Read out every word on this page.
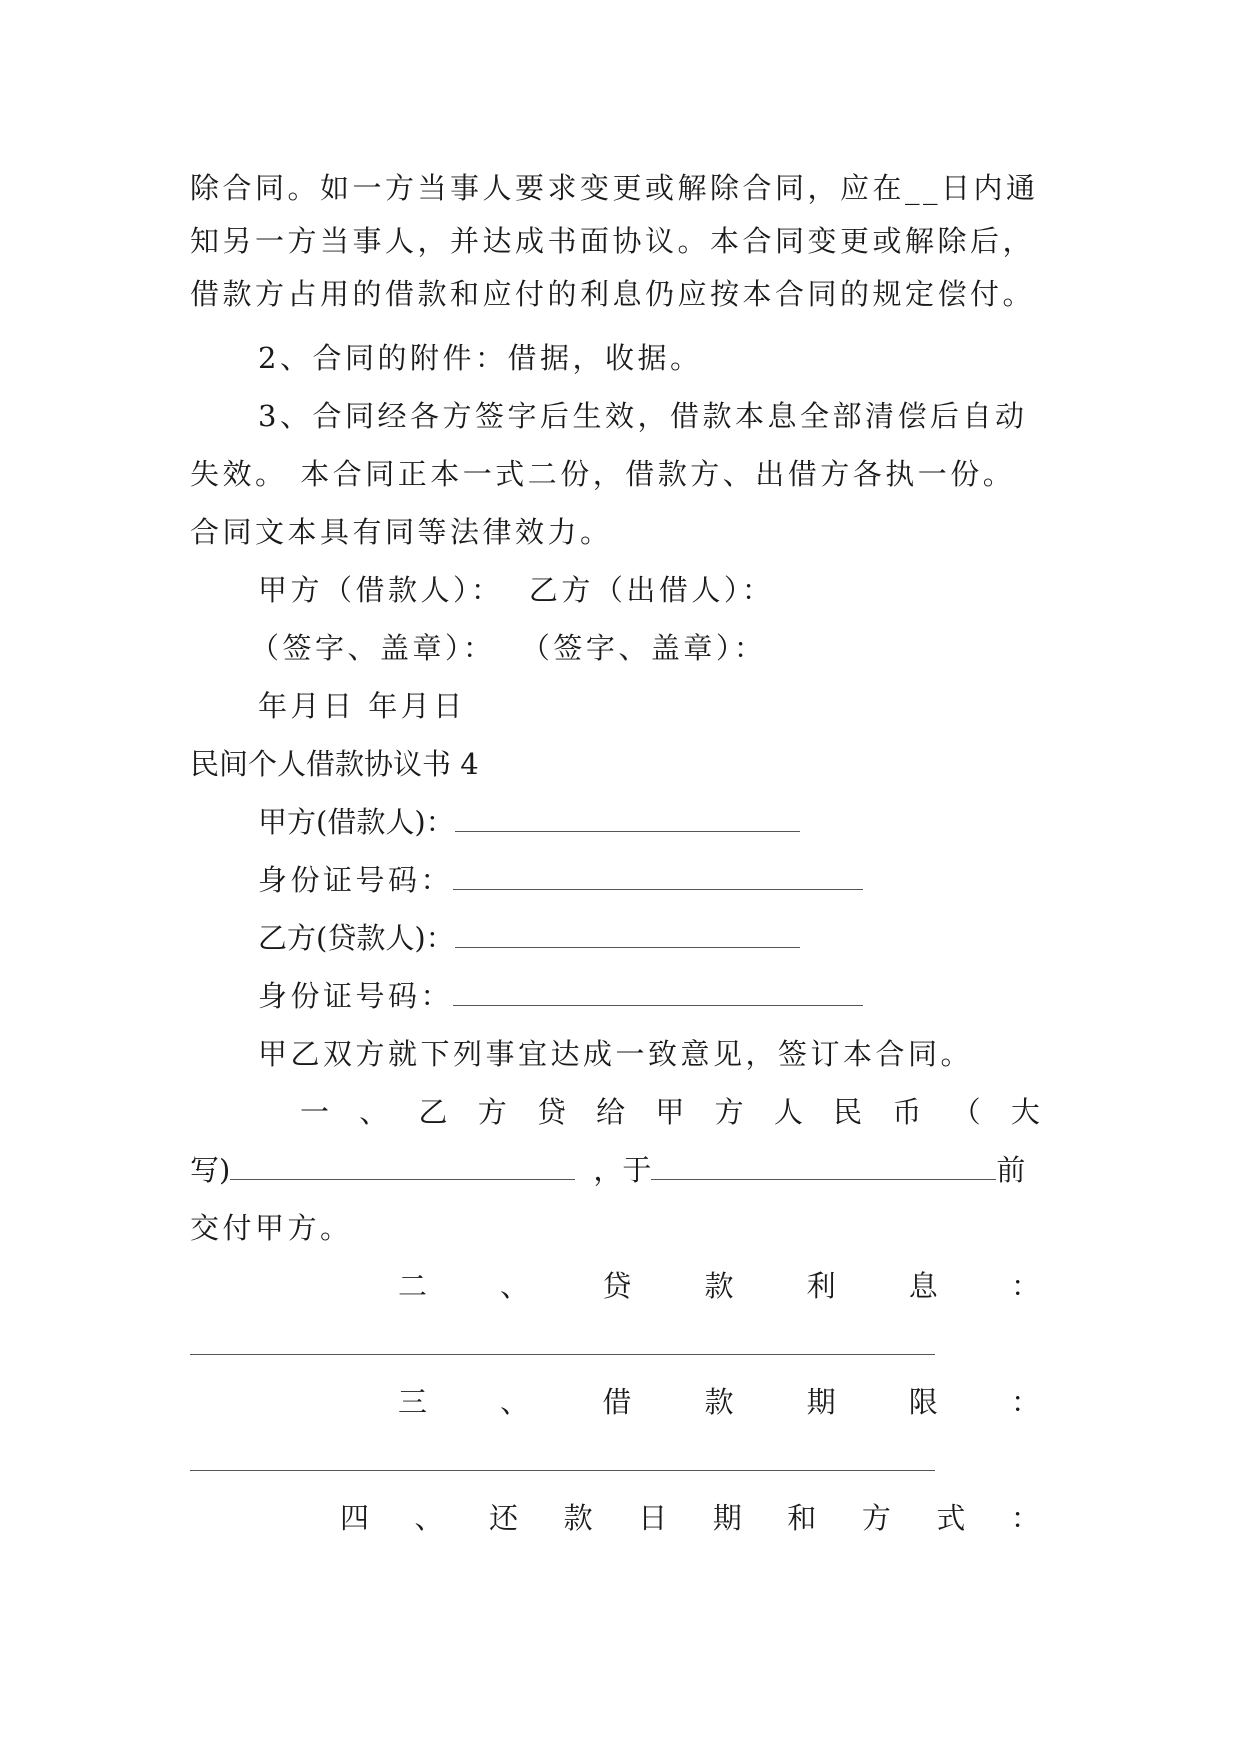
除合同。如一方当事人要求变更或解除合同，应在__日内通
知另一方当事人，并达成书面协议。本合同变更或解除后，
借款方占用的借款和应付的利息仍应按本合同的规定偿付。
2、合同的附件：借据，收据。
3、合同经各方签字后生效，借款本息全部清偿后自动
失效。 本合同正本一式二份，借款方、出借方各执一份。
合同文本具有同等法律效力。
甲方（借款人）：  乙方（出借人）：
（签字、盖章）：  （签字、盖章）：
年月日 年月日
民间个人借款协议书 4
甲方(借款人)：
身份证号码：
乙方(贷款人)：
身份证号码：
甲乙双方就下列事宜达成一致意见，签订本合同。
一 、 乙 方 贷 给 甲 方 人 民 币 （ 大
写)	，于	前
交付甲方。
二	、	贷	款	利	息	：
三	、	借	款	期	限	：
四 、 还 款 日 期 和 方 式 ：
